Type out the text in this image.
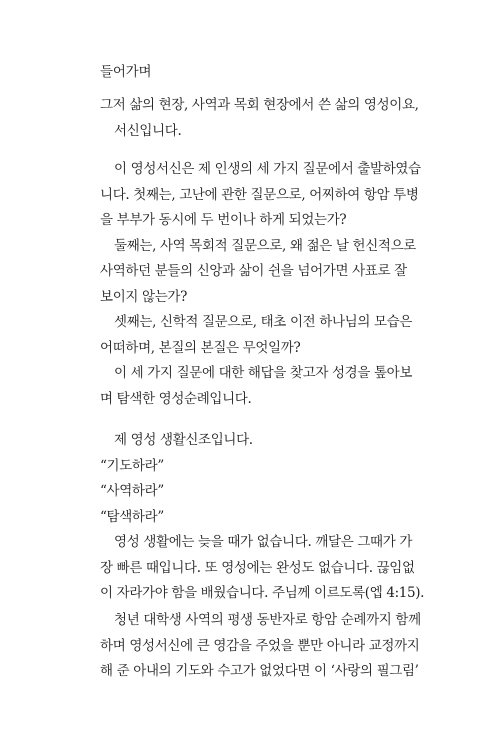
들어가며

그저 삶의 현장, 사역과 목회 현장에서 쓴 삶의 영성이요,
서신입니다.

이 영성서신은 제 인생의 세 가지 질문에서 출발하였습
니다. 첫째는, 고난에 관한 질문으로, 어찌하여 항암 투병
을 부부가 동시에 두 번이나 하게 되었는가?
둘째는, 사역 목회적 질문으로, 왜 젊은 날 헌신적으로
사역하던 분들의 신앙과 삶이 쉰을 넘어가면 사표로 잘
보이지 않는가?
셋째는, 신학적 질문으로, 태초 이전 하나님의 모습은
어떠하며, 본질의 본질은 무엇일까?
이 세 가지 질문에 대한 해답을 찾고자 성경을 톺아보
며 탐색한 영성순례입니다.

제 영성 생활신조입니다.
“기도하라”
“사역하라”
“탐색하라”
영성 생활에는 늦을 때가 없습니다. 깨달은 그때가 가
장 빠른 때입니다. 또 영성에는 완성도 없습니다. 끊임없
이 자라가야 함을 배웠습니다. 주님께 이르도록(엡 4:15).

청년 대학생 사역의 평생 동반자로 항암 순례까지 함께
하며 영성서신에 큰 영감을 주었을 뿐만 아니라 교정까지
해 준 아내의 기도와 수고가 없었다면 이 ‘사랑의 필그림’
